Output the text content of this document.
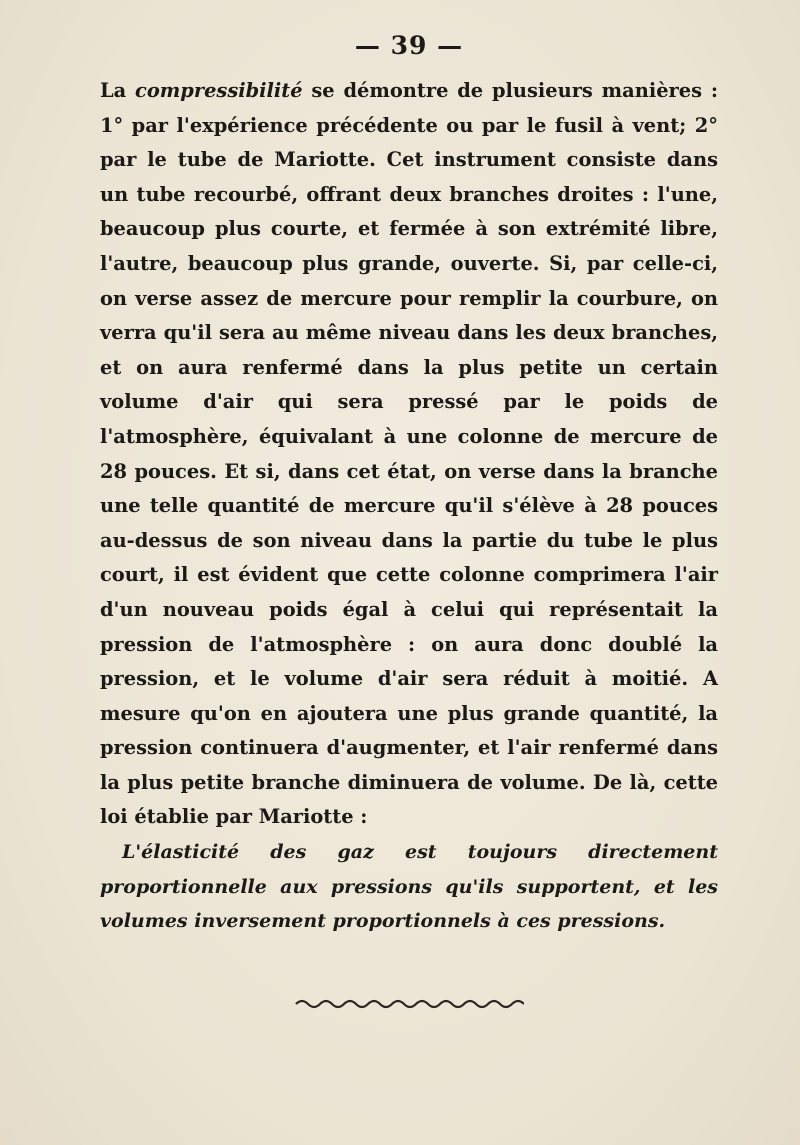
— 39 —

La compressibilité se démontre de plusieurs manières : 1° par l'expérience précédente ou par le fusil à vent; 2° par le tube de Mariotte. Cet instrument consiste dans un tube recourbé, offrant deux branches droites : l'une, beaucoup plus courte, et fermée à son extrémité libre, l'autre, beaucoup plus grande, ouverte. Si, par celle-ci, on verse assez de mercure pour remplir la courbure, on verra qu'il sera au même niveau dans les deux branches, et on aura renfermé dans la plus petite un certain volume d'air qui sera pressé par le poids de l'atmosphère, équivalant à une colonne de mercure de 28 pouces. Et si, dans cet état, on verse dans la branche une telle quantité de mercure qu'il s'élève à 28 pouces au-dessus de son niveau dans la partie du tube le plus court, il est évident que cette colonne comprimera l'air d'un nouveau poids égal à celui qui représentait la pression de l'atmosphère : on aura donc doublé la pression, et le volume d'air sera réduit à moitié. A mesure qu'on en ajoutera une plus grande quantité, la pression continuera d'augmenter, et l'air renfermé dans la plus petite branche diminuera de volume. De là, cette loi établie par Mariotte :

L'élasticité des gaz est toujours directement proportionnelle aux pressions qu'ils supportent, et les volumes inversement proportionnels à ces pressions.
